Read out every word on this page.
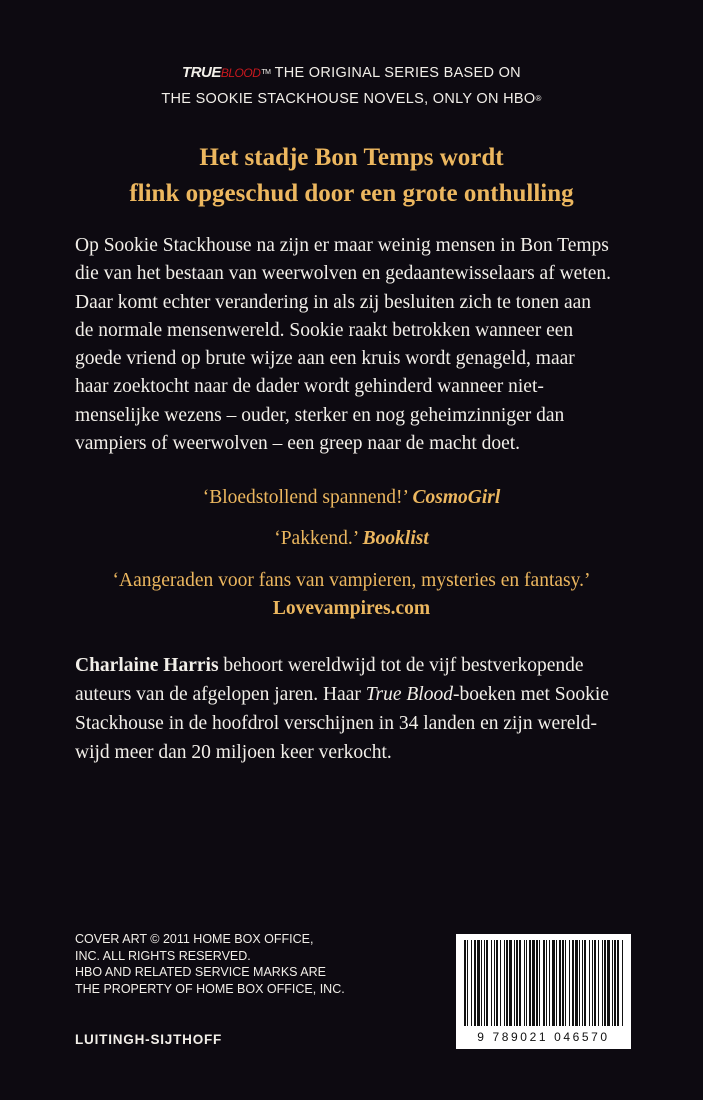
TRUEBLOOD™ THE ORIGINAL SERIES BASED ON
THE SOOKIE STACKHOUSE NOVELS, ONLY ON HBO®
Het stadje Bon Temps wordt
flink opgeschud door een grote onthulling

Op Sookie Stackhouse na zijn er maar weinig mensen in Bon Temps

die van het bestaan van weerwolven en gedaantewisselaars af weten.

Daar komt echter verandering in als zij besluiten zich te tonen aan

de normale mensenwereld. Sookie raakt betrokken wanneer een

goede vriend op brute wijze aan een kruis wordt genageld, maar

haar zoektocht naar de dader wordt gehinderd wanneer niet-

menselijke wezens – ouder, sterker en nog geheimzinniger dan

vampiers of weerwolven – een greep naar de macht doet.

‘Bloedstollend spannend!’ CosmoGirl

‘Pakkend.’ Booklist

‘Aangeraden voor fans van vampieren, mysteries en fantasy.’

Lovevampires.com

Charlaine Harris behoort wereldwijd tot de vijf bestverkopende

auteurs van de afgelopen jaren. Haar True Blood-boeken met Sookie

Stackhouse in de hoofdrol verschijnen in 34 landen en zijn wereld-

wijd meer dan 20 miljoen keer verkocht.

COVER ART © 2011 HOME BOX OFFICE,

INC. ALL RIGHTS RESERVED.

HBO AND RELATED SERVICE MARKS ARE

THE PROPERTY OF HOME BOX OFFICE, INC.

LUITINGH-SIJTHOFF	9 789021 046570
